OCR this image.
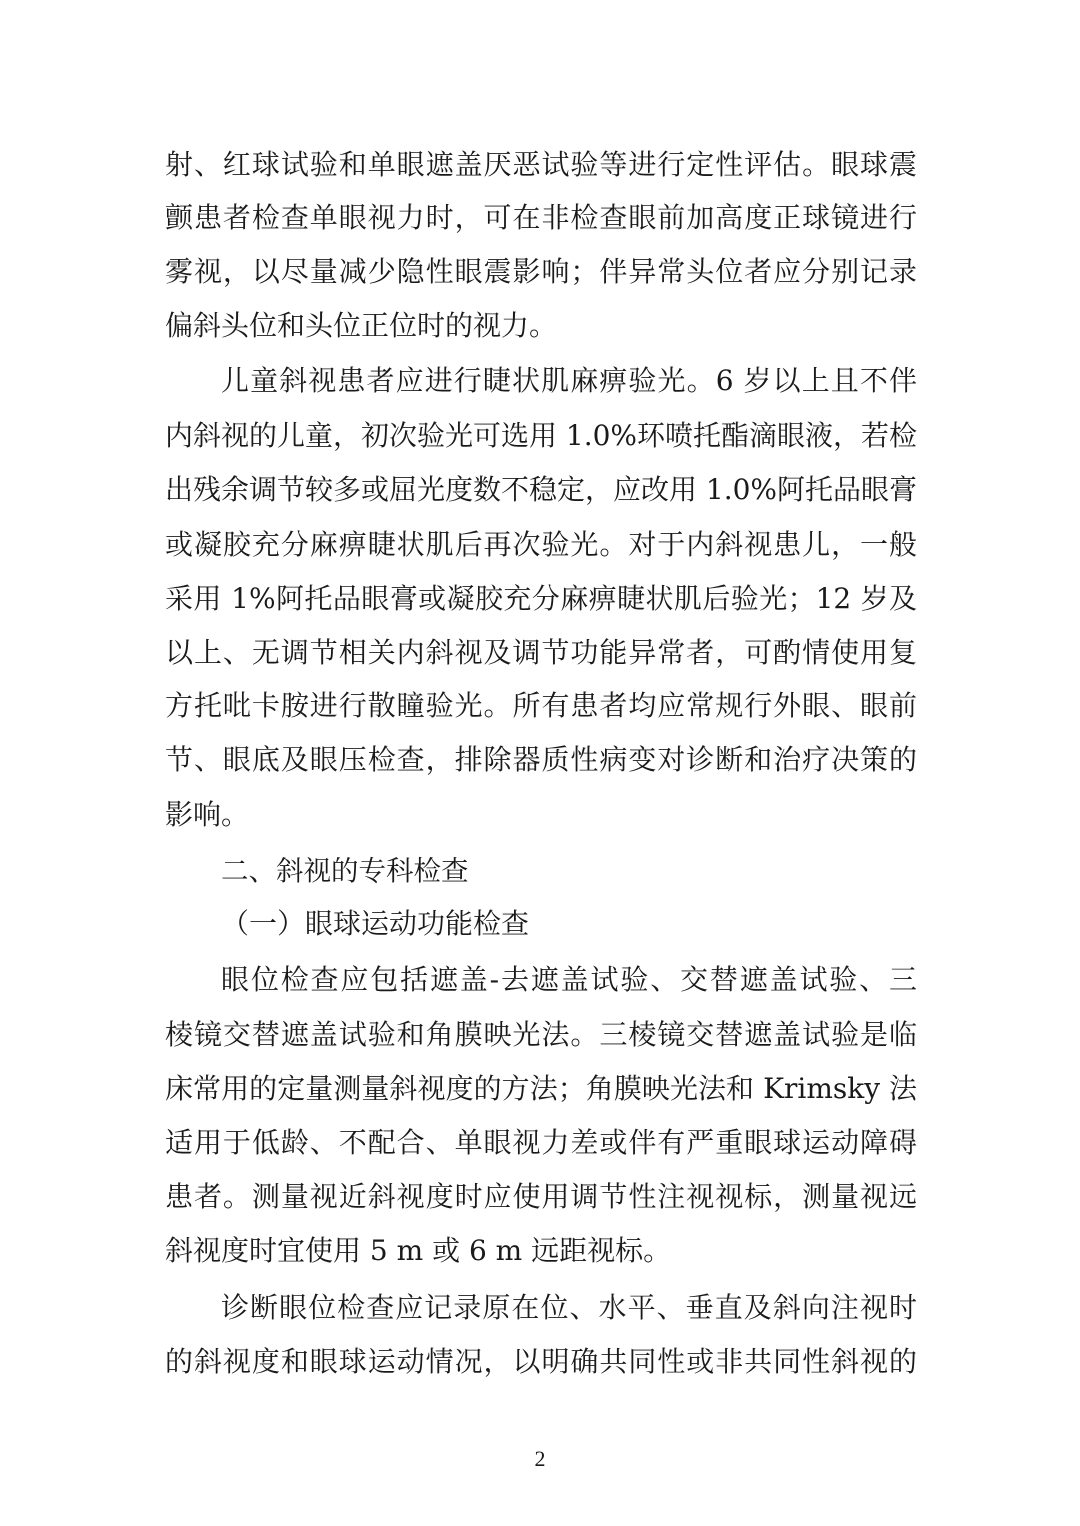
射、红球试验和单眼遮盖厌恶试验等进行定性评估。眼球震
颤患者检查单眼视力时，可在非检查眼前加高度正球镜进行
雾视，以尽量减少隐性眼震影响；伴异常头位者应分别记录
偏斜头位和头位正位时的视力。
儿童斜视患者应进行睫状肌麻痹验光。6 岁以上且不伴
内斜视的儿童，初次验光可选用 1.0%环喷托酯滴眼液，若检
出残余调节较多或屈光度数不稳定，应改用 1.0%阿托品眼膏
或凝胶充分麻痹睫状肌后再次验光。对于内斜视患儿，一般
采用 1%阿托品眼膏或凝胶充分麻痹睫状肌后验光；12 岁及
以上、无调节相关内斜视及调节功能异常者，可酌情使用复
方托吡卡胺进行散瞳验光。所有患者均应常规行外眼、眼前
节、眼底及眼压检查，排除器质性病变对诊断和治疗决策的
影响。
二、斜视的专科检查
（一）眼球运动功能检查
眼位检查应包括遮盖-去遮盖试验、交替遮盖试验、三
棱镜交替遮盖试验和角膜映光法。三棱镜交替遮盖试验是临
床常用的定量测量斜视度的方法；角膜映光法和 Krimsky 法
适用于低龄、不配合、单眼视力差或伴有严重眼球运动障碍
患者。测量视近斜视度时应使用调节性注视视标，测量视远
斜视度时宜使用 5 m 或 6 m 远距视标。
诊断眼位检查应记录原在位、水平、垂直及斜向注视时
的斜视度和眼球运动情况，以明确共同性或非共同性斜视的
2
